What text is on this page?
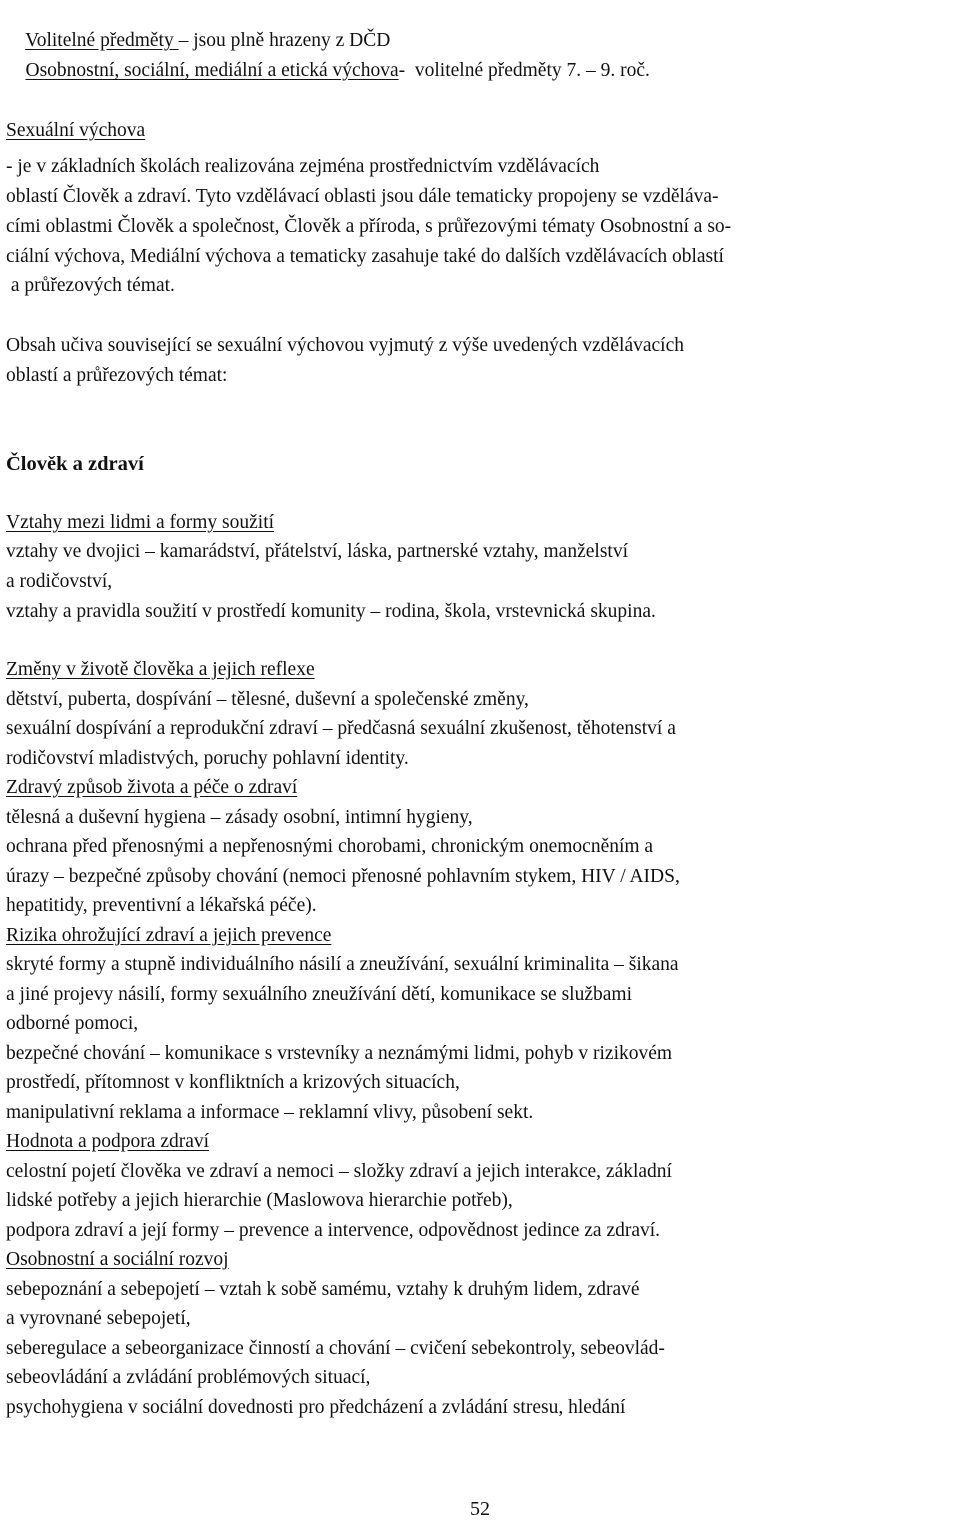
Volitelné předměty – jsou plně hrazeny z DČD

Osobnostní, sociální, mediální a etická výchova-  volitelné předměty 7. – 9. roč.

Sexuální výchova
- je v základních školách realizována zejména prostřednictvím vzdělávacích
oblastí Člověk a zdraví. Tyto vzdělávací oblasti jsou dále tematicky propojeny se vzděláva-
cími oblastmi Člověk a společnost, Člověk a příroda, s průřezovými tématy Osobnostní a so-
ciální výchova, Mediální výchova a tematicky zasahuje také do dalších vzdělávacích oblastí
a průřezových témat.
Obsah učiva související se sexuální výchovou vyjmutý z výše uvedených vzdělávacích
oblastí a průřezových témat:
Člověk a zdraví
Vztahy mezi lidmi a formy soužití
vztahy ve dvojici – kamarádství, přátelství, láska, partnerské vztahy, manželství
a rodičovství,
vztahy a pravidla soužití v prostředí komunity – rodina, škola, vrstevnická skupina.
Změny v životě člověka a jejich reflexe
dětství, puberta, dospívání – tělesné, duševní a společenské změny,
sexuální dospívání a reprodukční zdraví – předčasná sexuální zkušenost, těhotenství a
rodičovství mladistvých, poruchy pohlavní identity.
Zdravý způsob života a péče o zdraví
tělesná a duševní hygiena – zásady osobní, intimní hygieny,
ochrana před přenosnými a nepřenosnými chorobami, chronickým onemocněním a
úrazy – bezpečné způsoby chování (nemoci přenosné pohlavním stykem, HIV / AIDS,
hepatitidy, preventivní a lékařská péče).
Rizika ohrožující zdraví a jejich prevence
skryté formy a stupně individuálního násilí a zneužívání, sexuální kriminalita – šikana
a jiné projevy násilí, formy sexuálního zneužívání dětí, komunikace se službami
odborné pomoci,
bezpečné chování – komunikace s vrstevníky a neznámými lidmi, pohyb v rizikovém
prostředí, přítomnost v konfliktních a krizových situacích,
manipulativní reklama a informace – reklamní vlivy, působení sekt.
Hodnota a podpora zdraví
celostní pojetí člověka ve zdraví a nemoci – složky zdraví a jejich interakce, základní
lidské potřeby a jejich hierarchie (Maslowova hierarchie potřeb),
podpora zdraví a její formy – prevence a intervence, odpovědnost jedince za zdraví.
Osobnostní a sociální rozvoj
sebepoznání a sebepojetí – vztah k sobě samému, vztahy k druhým lidem, zdravé
a vyrovnané sebepojetí,
seberegulace a sebeorganizace činností a chování – cvičení sebekontroly, sebeovlád-
sebeovládání a zvládání problémových situací,
psychohygiena v sociální dovednosti pro předcházení a zvládání stresu, hledání
52
